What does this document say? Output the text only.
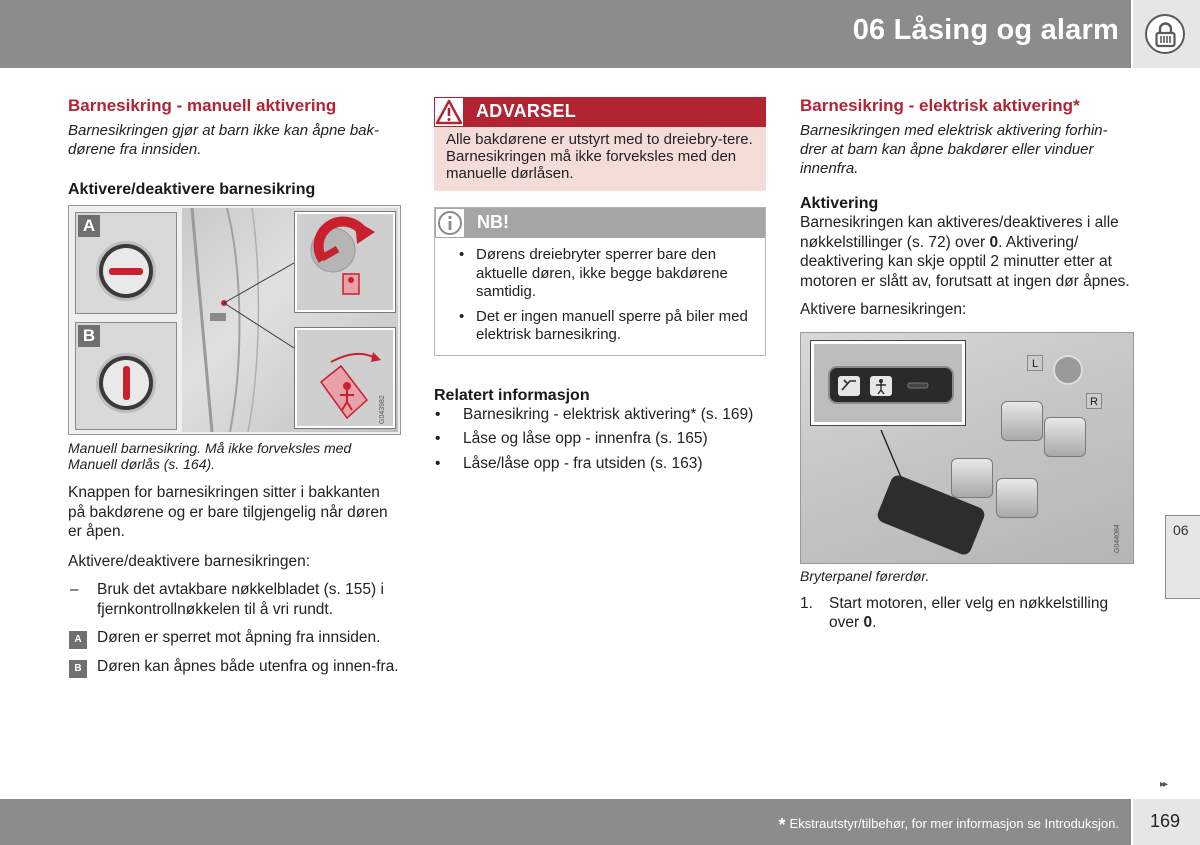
06 Låsing og alarm
Barnesikring - manuell aktivering

Barnesikringen gjør at barn ikke kan åpne bak-dørene fra innsiden.

Aktivere/deaktivere barnesikring
A
B
G043982

Manuell barnesikring. Må ikke forveksles med Manuell dørlås (s. 164).

Knappen for barnesikringen sitter i bakkanten på bakdørene og er bare tilgjengelig når døren er åpen.

Aktivere/deaktivere barnesikringen:

– Bruk det avtakbare nøkkelbladet (s. 155) i fjernkontrollnøkkelen til å vri rundt.
A Døren er sperret mot åpning fra innsiden.
B Døren kan åpnes både utenfra og innen-fra.
ADVARSEL
Alle bakdørene er utstyrt med to dreiebry-tere. Barnesikringen må ikke forveksles med den manuelle dørlåsen.
NB!
• Dørens dreiebryter sperrer bare den aktuelle døren, ikke begge bakdørene samtidig.
• Det er ingen manuell sperre på biler med elektrisk barnesikring.
Relatert informasjon
• Barnesikring - elektrisk aktivering* (s. 169)
• Låse og låse opp - innenfra (s. 165)
• Låse/låse opp - fra utsiden (s. 163)
Barnesikring - elektrisk aktivering*

Barnesikringen med elektrisk aktivering forhin-drer at barn kan åpne bakdører eller vinduer innenfra.

Aktivering

Barnesikringen kan aktiveres/deaktiveres i alle nøkkelstillinger (s. 72) over 0. Aktivering/ deaktivering kan skje opptil 2 minutter etter at motoren er slått av, forutsatt at ingen dør åpnes.

Aktivere barnesikringen:

L
R
G044084

Bryterpanel førerdør.

1. Start motoren, eller velg en nøkkelstilling over 0.
06
▸▸
* Ekstrautstyr/tilbehør, for mer informasjon se Introduksjon. 169
